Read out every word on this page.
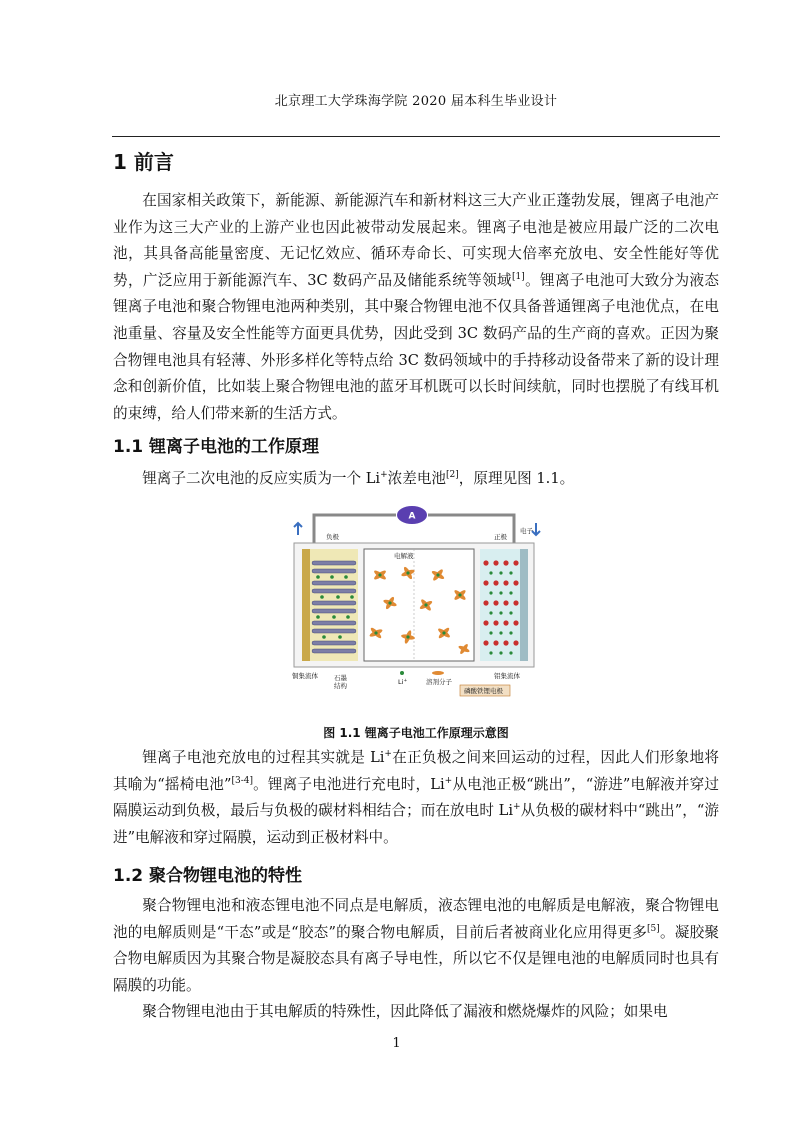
北京理工大学珠海学院 2020 届本科生毕业设计
1 前言

在国家相关政策下，新能源、新能源汽车和新材料这三大产业正蓬勃发展，锂离子电池产业作为这三大产业的上游产业也因此被带动发展起来。锂离子电池是被应用最广泛的二次电池，其具备高能量密度、无记忆效应、循环寿命长、可实现大倍率充放电、安全性能好等优势，广泛应用于新能源汽车、3C 数码产品及储能系统等领域[1]。锂离子电池可大致分为液态锂离子电池和聚合物锂电池两种类别，其中聚合物锂电池不仅具备普通锂离子电池优点，在电池重量、容量及安全性能等方面更具优势，因此受到 3C 数码产品的生产商的喜欢。正因为聚合物锂电池具有轻薄、外形多样化等特点给 3C 数码领域中的手持移动设备带来了新的设计理念和创新价值，比如装上聚合物锂电池的蓝牙耳机既可以长时间续航，同时也摆脱了有线耳机的束缚，给人们带来新的生活方式。

1.1 锂离子电池的工作原理

锂离子二次电池的反应实质为一个 Li+浓差电池[2]，原理见图 1.1。

A
电子
负极
电解液
正极
铜集流体 石墨
结构	Li+	溶剂分子
铝集流体
磷酸铁锂电极
图 1.1 锂离子电池工作原理示意图

锂离子电池充放电的过程其实就是 Li+在正负极之间来回运动的过程，因此人们形象地将其喻为“摇椅电池”[3-4]。锂离子电池进行充电时，Li+从电池正极“跳出”，“游进”电解液并穿过隔膜运动到负极，最后与负极的碳材料相结合；而在放电时 Li+从负极的碳材料中“跳出”，“游进”电解液和穿过隔膜，运动到正极材料中。

1.2 聚合物锂电池的特性

聚合物锂电池和液态锂电池不同点是电解质，液态锂电池的电解质是电解液，聚合物锂电池的电解质则是“干态”或是“胶态”的聚合物电解质，目前后者被商业化应用得更多[5]。凝胶聚合物电解质因为其聚合物是凝胶态具有离子导电性，所以它不仅是锂电池的电解质同时也具有隔膜的功能。

聚合物锂电池由于其电解质的特殊性，因此降低了漏液和燃烧爆炸的风险；如果电

1
